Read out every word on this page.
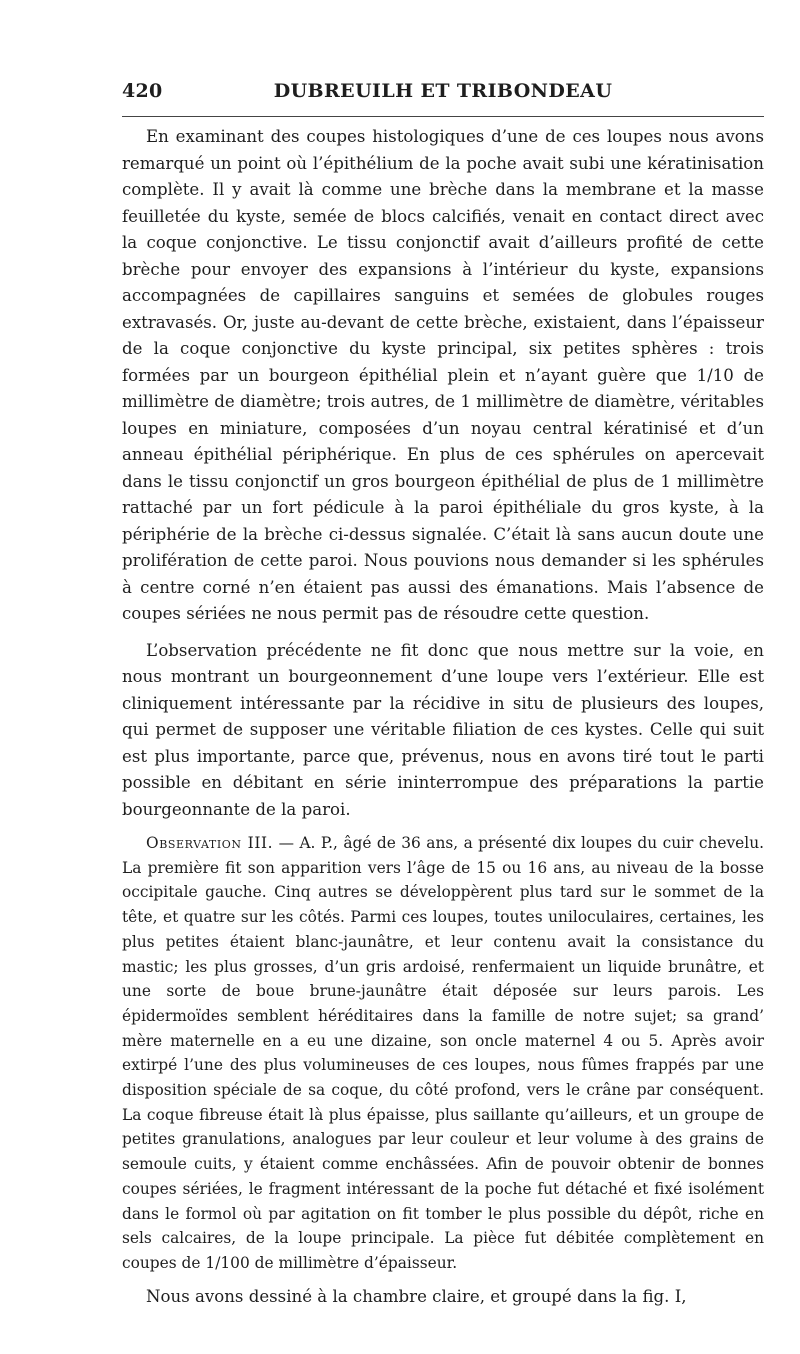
420	DUBREUILH ET TRIBONDEAU

En examinant des coupes histologiques d’une de ces loupes nous avons remarqué un point où l’épithélium de la poche avait subi une kératinisation complète. Il y avait là comme une brèche dans la membrane et la masse feuilletée du kyste, semée de blocs calcifiés, venait en contact direct avec la coque conjonctive. Le tissu conjonctif avait d’ailleurs profité de cette brèche pour envoyer des expansions à l’intérieur du kyste, expansions accompagnées de capillaires sanguins et semées de globules rouges extravasés. Or, juste au-devant de cette brèche, existaient, dans l’épaisseur de la coque conjonctive du kyste principal, six petites sphères : trois formées par un bourgeon épithélial plein et n’ayant guère que 1/10 de millimètre de diamètre; trois autres, de 1 millimètre de diamètre, véritables loupes en miniature, composées d’un noyau central kératinisé et d’un anneau épithélial périphérique. En plus de ces sphérules on apercevait dans le tissu conjonctif un gros bourgeon épithélial de plus de 1 millimètre rattaché par un fort pédicule à la paroi épithéliale du gros kyste, à la périphérie de la brèche ci-dessus signalée. C’était là sans aucun doute une prolifération de cette paroi. Nous pouvions nous demander si les sphérules à centre corné n’en étaient pas aussi des émanations. Mais l’absence de coupes sériées ne nous permit pas de résoudre cette question.

L’observation précédente ne fit donc que nous mettre sur la voie, en nous montrant un bourgeonnement d’une loupe vers l’extérieur. Elle est cliniquement intéressante par la récidive in situ de plusieurs des loupes, qui permet de supposer une véritable filiation de ces kystes. Celle qui suit est plus importante, parce que, prévenus, nous en avons tiré tout le parti possible en débitant en série ininterrompue des préparations la partie bourgeonnante de la paroi.

Observation III. — A. P., âgé de 36 ans, a présenté dix loupes du cuir chevelu. La première fit son apparition vers l’âge de 15 ou 16 ans, au niveau de la bosse occipitale gauche. Cinq autres se développèrent plus tard sur le sommet de la tête, et quatre sur les côtés. Parmi ces loupes, toutes uniloculaires, certaines, les plus petites étaient blanc-jaunâtre, et leur contenu avait la consistance du mastic; les plus grosses, d’un gris ardoisé, renfermaient un liquide brunâtre, et une sorte de boue brune-jaunâtre était déposée sur leurs parois. Les épidermoïdes semblent héréditaires dans la famille de notre sujet; sa grand’ mère maternelle en a eu une dizaine, son oncle maternel 4 ou 5. Après avoir extirpé l’une des plus volumineuses de ces loupes, nous fûmes frappés par une disposition spéciale de sa coque, du côté profond, vers le crâne par conséquent. La coque fibreuse était là plus épaisse, plus saillante qu’ailleurs, et un groupe de petites granulations, analogues par leur couleur et leur volume à des grains de semoule cuits, y étaient comme enchâssées. Afin de pouvoir obtenir de bonnes coupes sériées, le fragment intéressant de la poche fut détaché et fixé isolément dans le formol où par agitation on fit tomber le plus possible du dépôt, riche en sels calcaires, de la loupe principale. La pièce fut débitée complètement en coupes de 1/100 de millimètre d’épaisseur.

Nous avons dessiné à la chambre claire, et groupé dans la fig. I,
